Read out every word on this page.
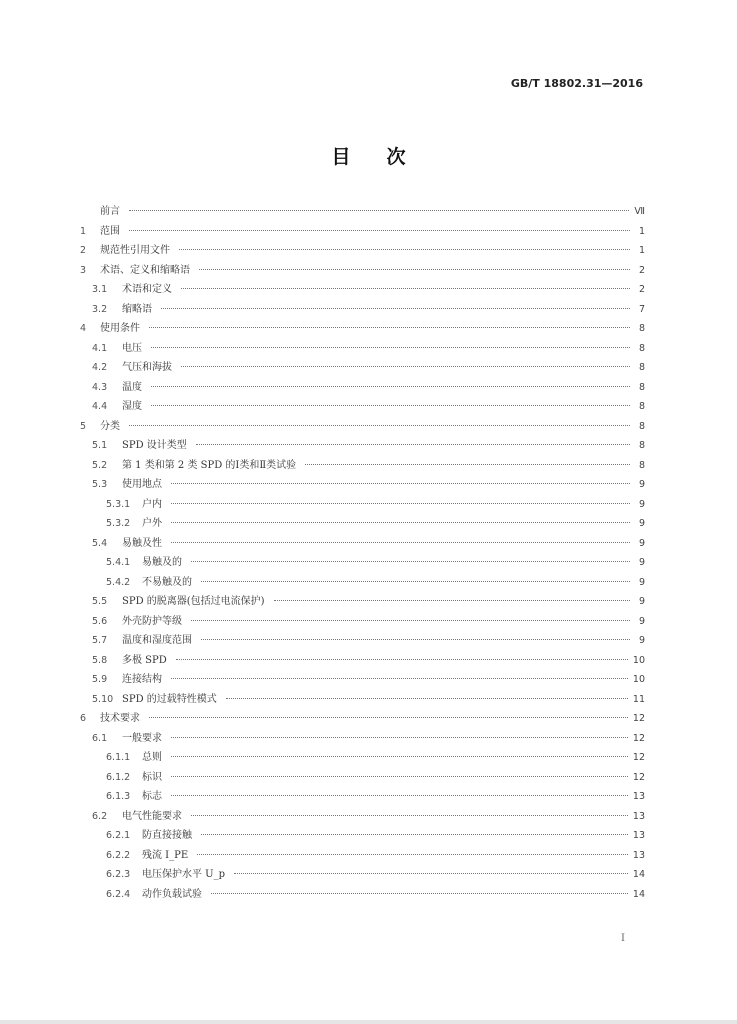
GB/T 18802.31—2016
目次
前言	Ⅶ
1	范围	1
2	规范性引用文件	1
3	术语、定义和缩略语	2
3.1	术语和定义	2
3.2	缩略语	7
4	使用条件	8
4.1	电压	8
4.2	气压和海拔	8
4.3	温度	8
4.4	湿度	8
5	分类	8
5.1	SPD 设计类型	8
5.2	第 1 类和第 2 类 SPD 的Ⅰ类和Ⅱ类试验	8
5.3	使用地点	9
5.3.1	户内	9
5.3.2	户外	9
5.4	易触及性	9
5.4.1	易触及的	9
5.4.2	不易触及的	9
5.5	SPD 的脱离器(包括过电流保护)	9
5.6	外壳防护等级	9
5.7	温度和湿度范围	9
5.8	多极 SPD	10
5.9	连接结构	10
5.10 SPD 的过载特性模式	11
6	技术要求	12
6.1	一般要求	12
6.1.1	总则	12
6.1.2	标识	12
6.1.3	标志	13
6.2	电气性能要求	13
6.2.1	防直接接触	13
6.2.2	残流 I_PE	13
6.2.3	电压保护水平 U_p	14
6.2.4	动作负载试验	14
I
